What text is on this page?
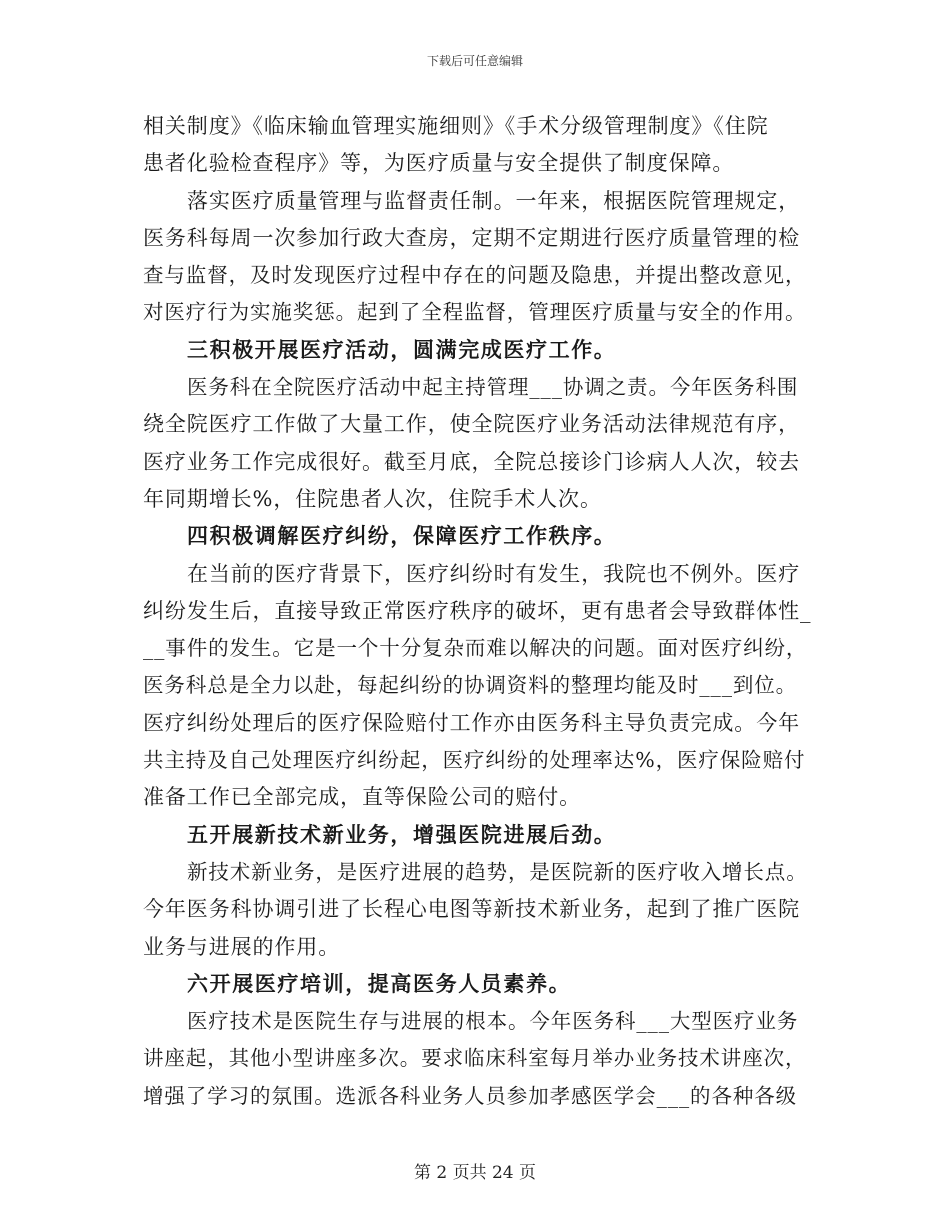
下载后可任意编辑
相关制度》《临床输血管理实施细则》《手术分级管理制度》《住院
患者化验检查程序》等，为医疗质量与安全提供了制度保障。
落实医疗质量管理与监督责任制。一年来，根据医院管理规定，
医务科每周一次参加行政大查房，定期不定期进行医疗质量管理的检
查与监督，及时发现医疗过程中存在的问题及隐患，并提出整改意见，
对医疗行为实施奖惩。起到了全程监督，管理医疗质量与安全的作用。
三积极开展医疗活动，圆满完成医疗工作。
医务科在全院医疗活动中起主持管理___协调之责。今年医务科围
绕全院医疗工作做了大量工作，使全院医疗业务活动法律规范有序，
医疗业务工作完成很好。截至月底，全院总接诊门诊病人人次，较去
年同期增长%，住院患者人次，住院手术人次。
四积极调解医疗纠纷，保障医疗工作秩序。
在当前的医疗背景下，医疗纠纷时有发生，我院也不例外。医疗
纠纷发生后，直接导致正常医疗秩序的破坏，更有患者会导致群体性_
__事件的发生。它是一个十分复杂而难以解决的问题。面对医疗纠纷，
医务科总是全力以赴，每起纠纷的协调资料的整理均能及时___到位。
医疗纠纷处理后的医疗保险赔付工作亦由医务科主导负责完成。今年
共主持及自己处理医疗纠纷起，医疗纠纷的处理率达%，医疗保险赔付
准备工作已全部完成，直等保险公司的赔付。
五开展新技术新业务，增强医院进展后劲。
新技术新业务，是医疗进展的趋势，是医院新的医疗收入增长点。
今年医务科协调引进了长程心电图等新技术新业务，起到了推广医院
业务与进展的作用。
六开展医疗培训，提高医务人员素养。
医疗技术是医院生存与进展的根本。今年医务科___大型医疗业务
讲座起，其他小型讲座多次。要求临床科室每月举办业务技术讲座次，
增强了学习的氛围。选派各科业务人员参加孝感医学会___的各种各级
第 2 页共 24 页
